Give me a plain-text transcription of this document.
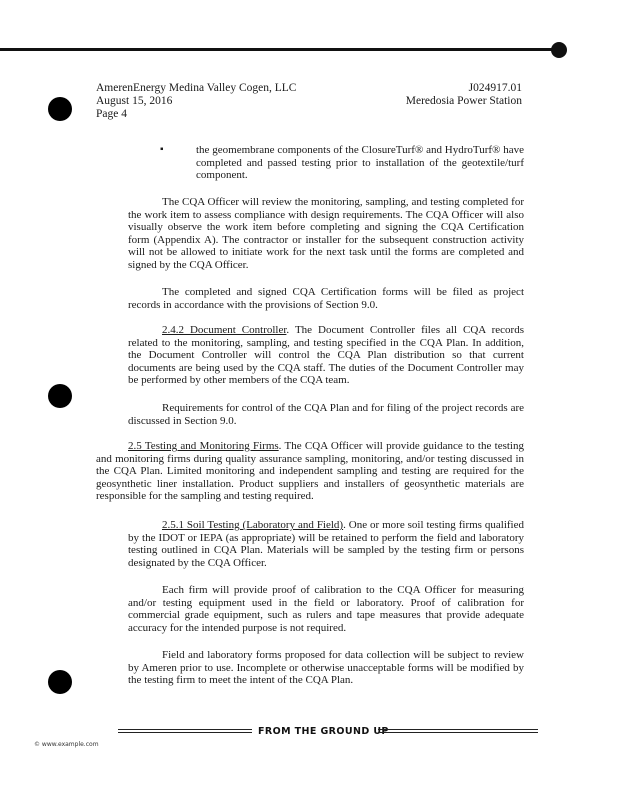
AmerenEnergy Medina Valley Cogen, LLC
August 15, 2016
Page 4
J024917.01
Meredosia Power Station
▪	the geomembrane components of the ClosureTurf® and HydroTurf® have completed and passed testing prior to installation of the geotextile/turf component.
The CQA Officer will review the monitoring, sampling, and testing completed for the work item to assess compliance with design requirements. The CQA Officer will also visually observe the work item before completing and signing the CQA Certification form (Appendix A). The contractor or installer for the subsequent construction activity will not be allowed to initiate work for the next task until the forms are completed and signed by the CQA Officer.
The completed and signed CQA Certification forms will be filed as project records in accordance with the provisions of Section 9.0.
2.4.2 Document Controller. The Document Controller files all CQA records related to the monitoring, sampling, and testing specified in the CQA Plan. In addition, the Document Controller will control the CQA Plan distribution so that current documents are being used by the CQA staff. The duties of the Document Controller may be performed by other members of the CQA team.
Requirements for control of the CQA Plan and for filing of the project records are discussed in Section 9.0.
2.5 Testing and Monitoring Firms. The CQA Officer will provide guidance to the testing and monitoring firms during quality assurance sampling, monitoring, and/or testing discussed in the CQA Plan. Limited monitoring and independent sampling and testing are required for the geosynthetic liner installation. Product suppliers and installers of geosynthetic materials are responsible for the sampling and testing required.
2.5.1 Soil Testing (Laboratory and Field). One or more soil testing firms qualified by the IDOT or IEPA (as appropriate) will be retained to perform the field and laboratory testing outlined in CQA Plan. Materials will be sampled by the testing firm or persons designated by the CQA Officer.
Each firm will provide proof of calibration to the CQA Officer for measuring and/or testing equipment used in the field or laboratory. Proof of calibration for commercial grade equipment, such as rulers and tape measures that provide adequate accuracy for the intended purpose is not required.
Field and laboratory forms proposed for data collection will be subject to review by Ameren prior to use. Incomplete or otherwise unacceptable forms will be modified by the testing firm to meet the intent of the CQA Plan.
FROM THE GROUND UP
© www.example.com
